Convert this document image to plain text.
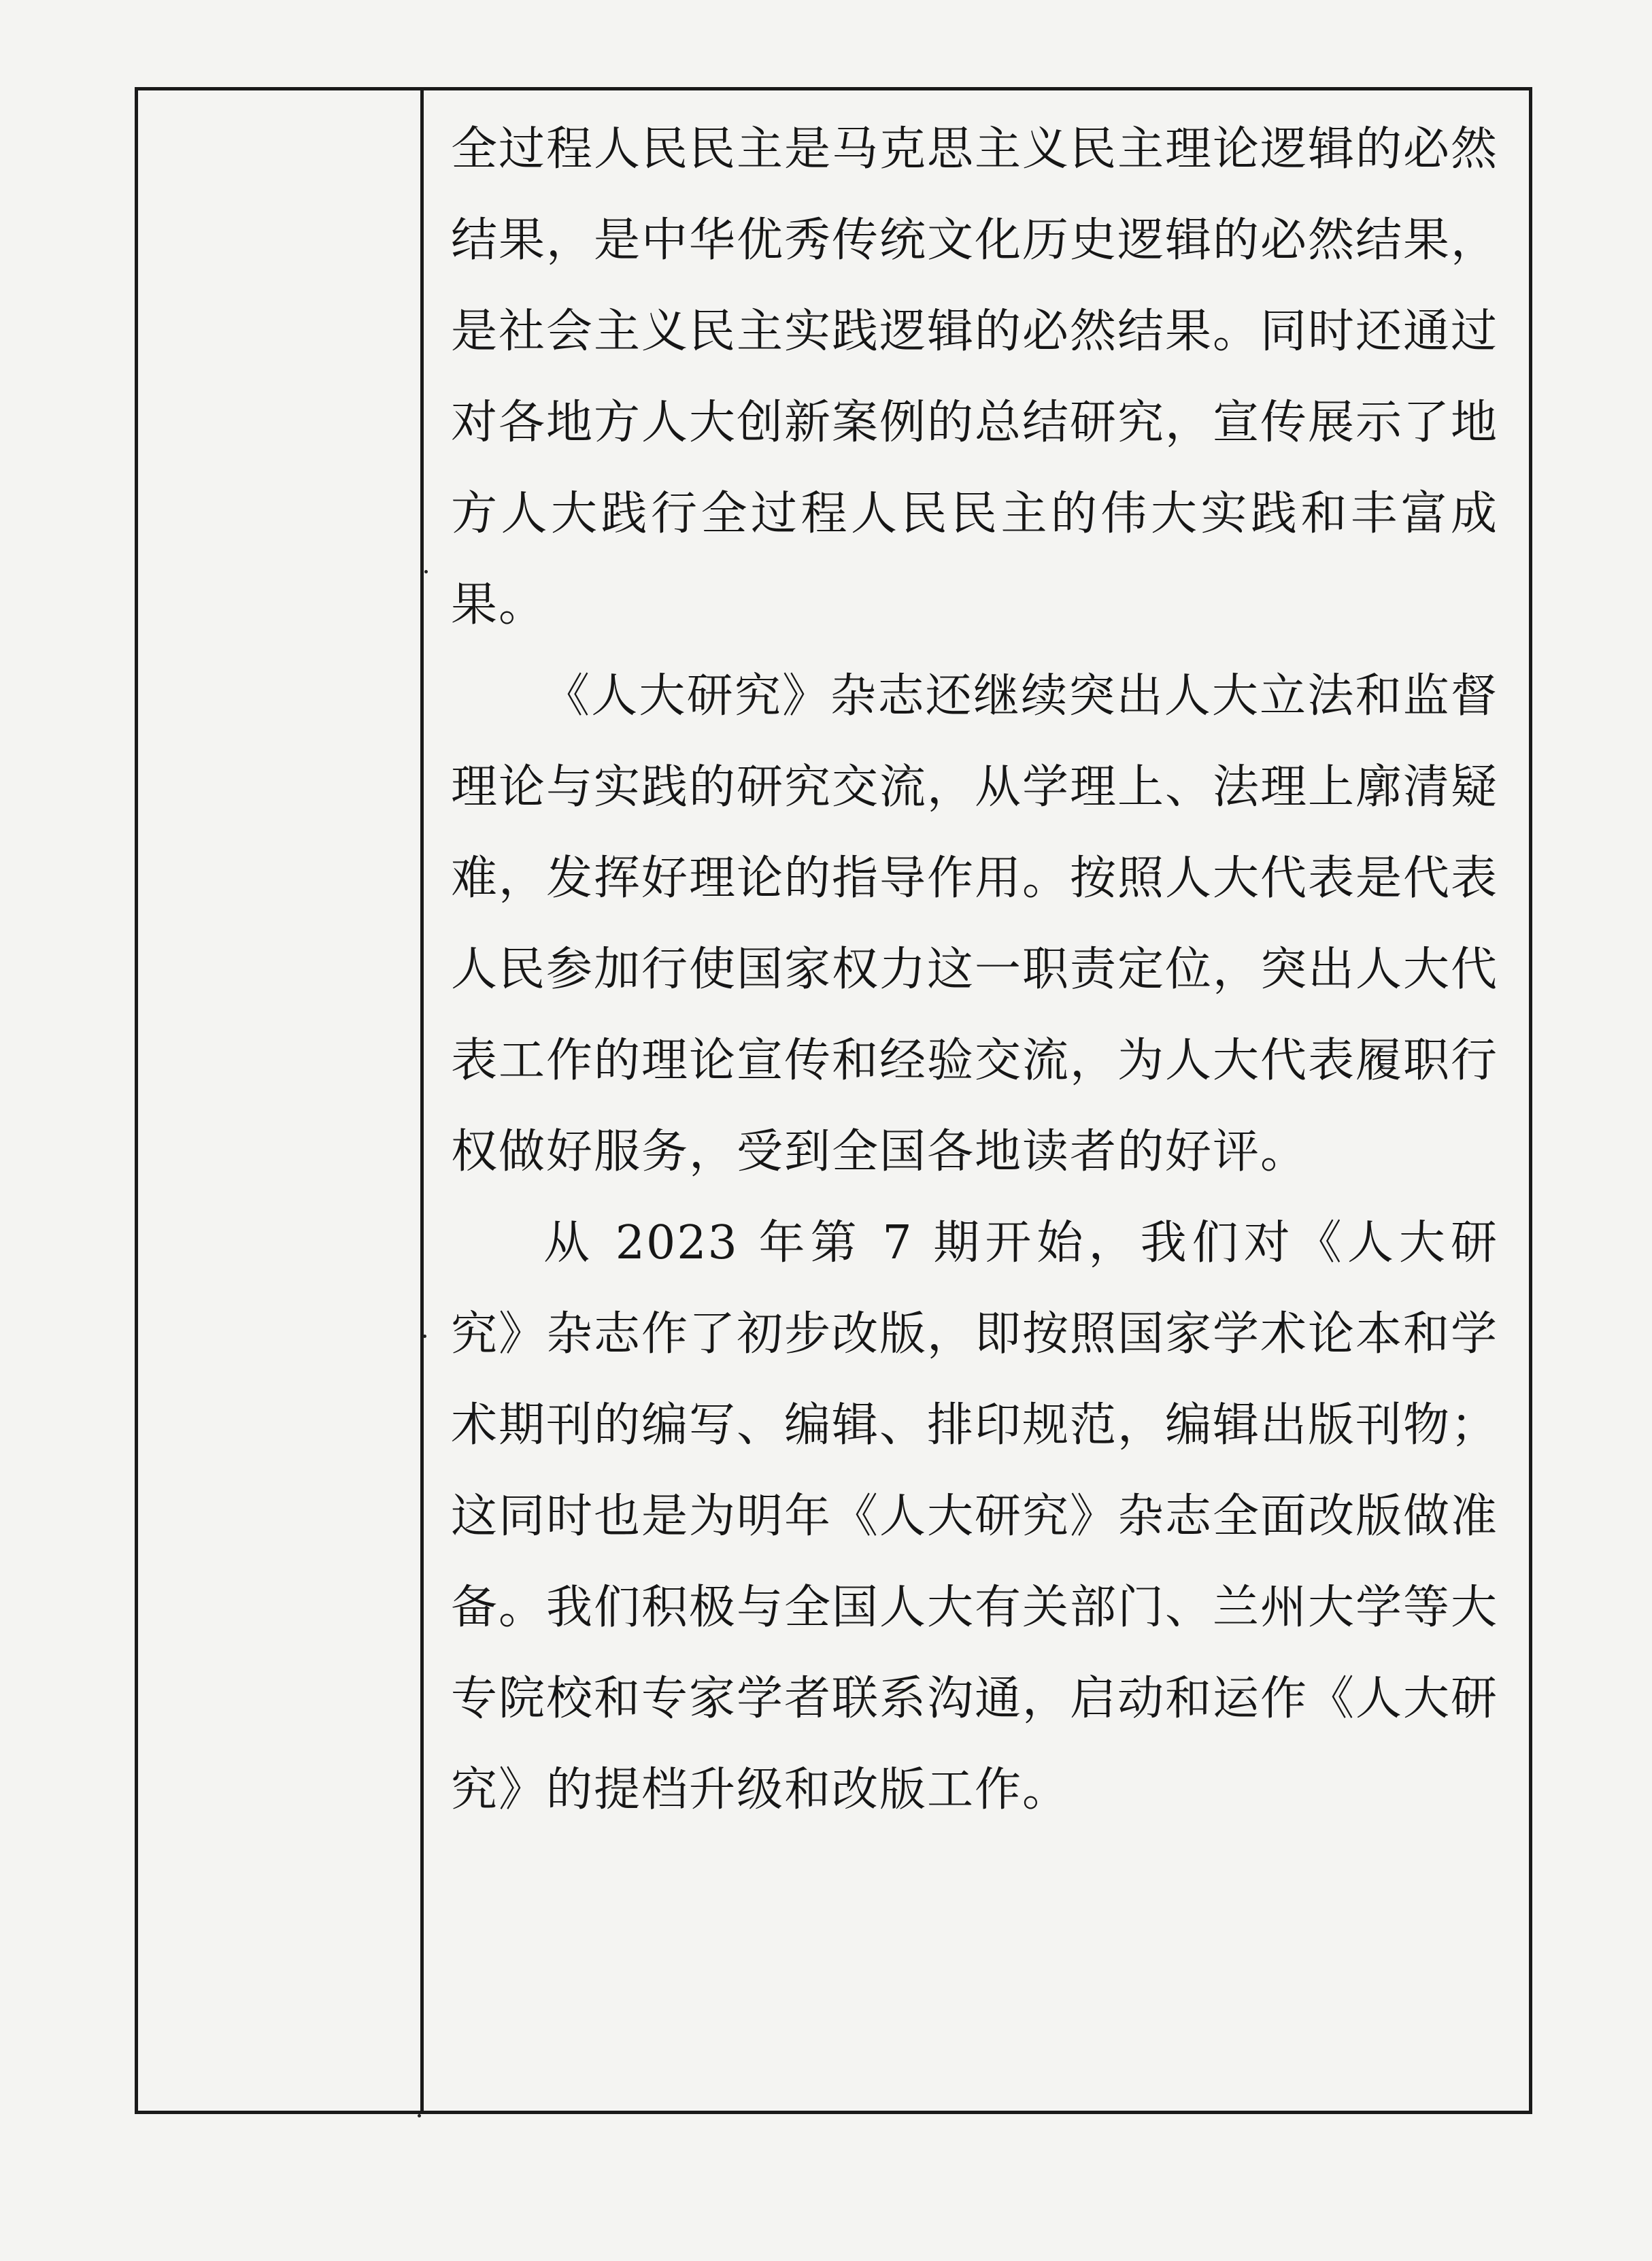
全过程人民民主是马克思主义民主理论逻辑的必然结果，是中华优秀传统文化历史逻辑的必然结果，是社会主义民主实践逻辑的必然结果。同时还通过对各地方人大创新案例的总结研究，宣传展示了地方人大践行全过程人民民主的伟大实践和丰富成果。

《人大研究》杂志还继续突出人大立法和监督理论与实践的研究交流，从学理上、法理上廓清疑难，发挥好理论的指导作用。按照人大代表是代表人民参加行使国家权力这一职责定位，突出人大代表工作的理论宣传和经验交流，为人大代表履职行权做好服务，受到全国各地读者的好评。

从 2023 年第 7 期开始，我们对《人大研究》杂志作了初步改版，即按照国家学术论本和学术期刊的编写、编辑、排印规范，编辑出版刊物；这同时也是为明年《人大研究》杂志全面改版做准备。我们积极与全国人大有关部门、兰州大学等大专院校和专家学者联系沟通，启动和运作《人大研究》的提档升级和改版工作。
